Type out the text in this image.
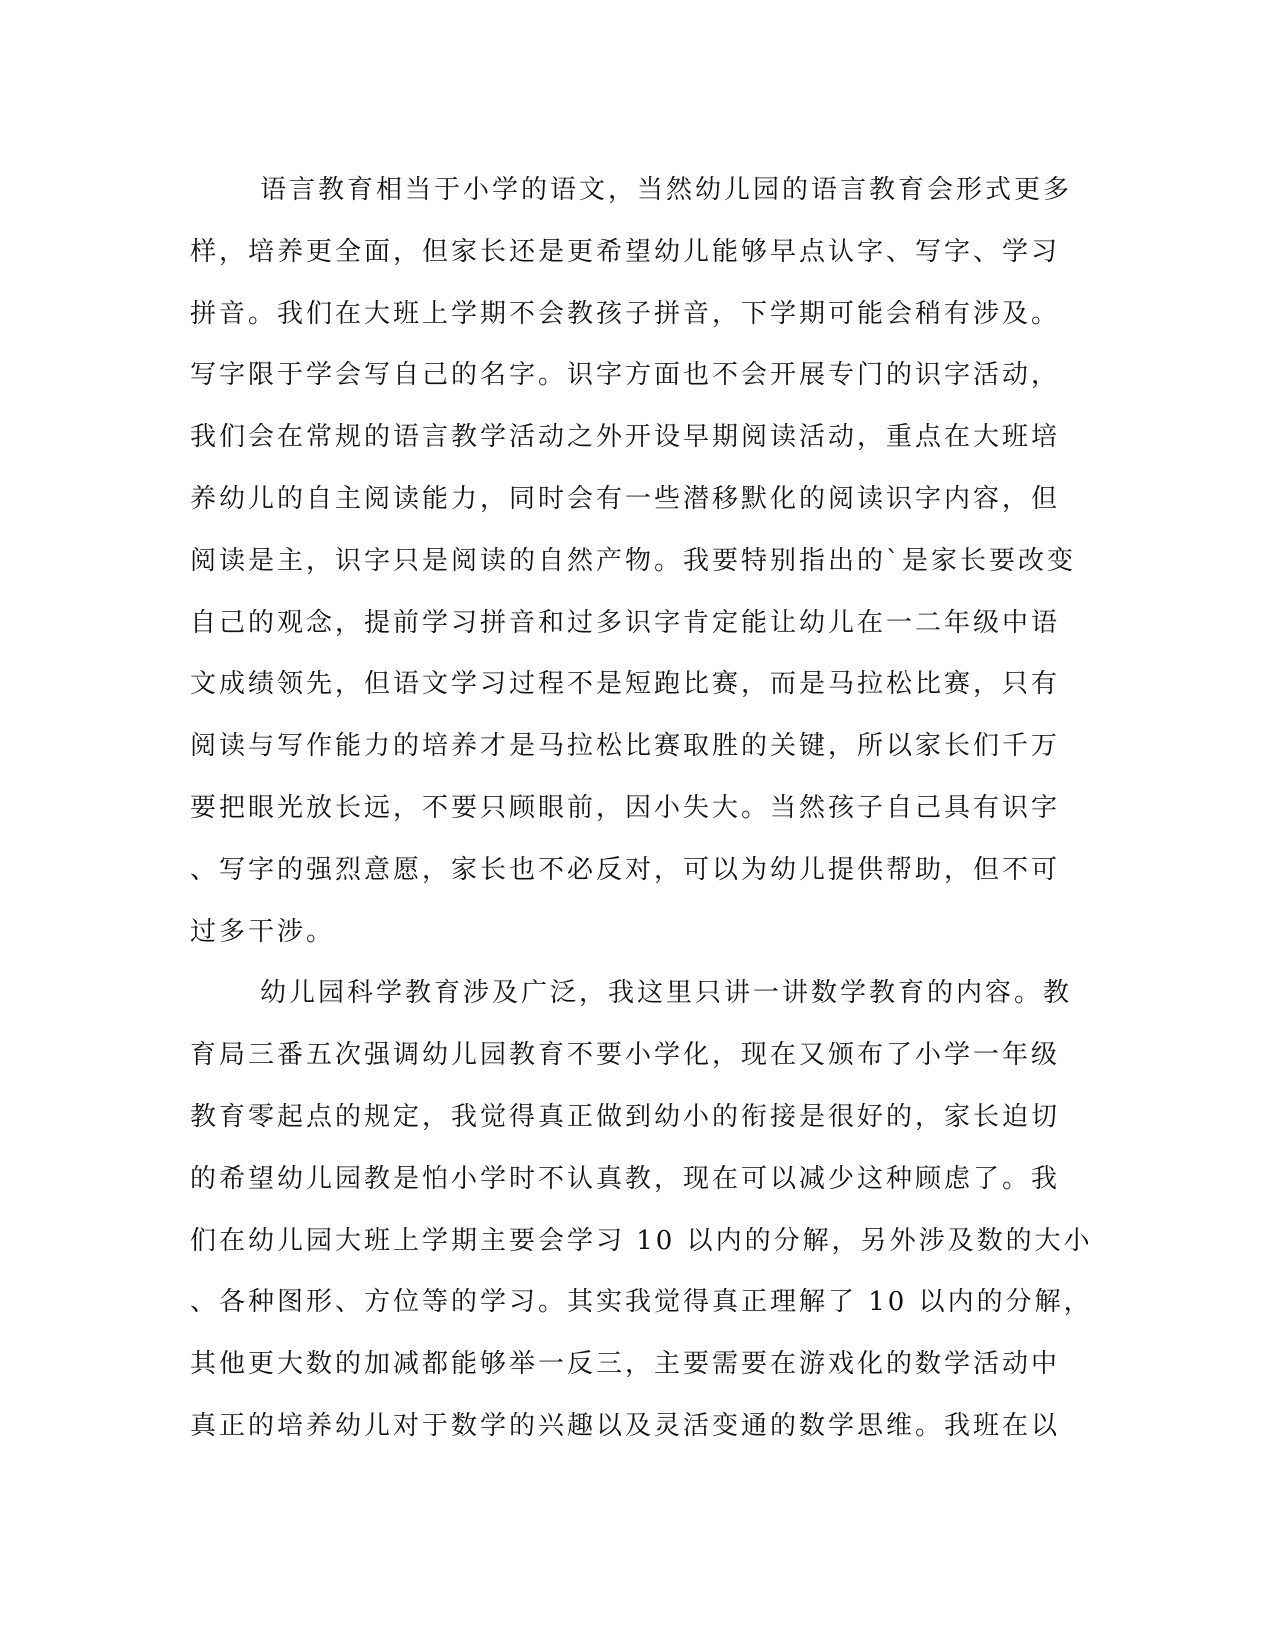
语言教育相当于小学的语文，当然幼儿园的语言教育会形式更多
样，培养更全面，但家长还是更希望幼儿能够早点认字、写字、学习
拼音。我们在大班上学期不会教孩子拼音，下学期可能会稍有涉及。
写字限于学会写自己的名字。识字方面也不会开展专门的识字活动，
我们会在常规的语言教学活动之外开设早期阅读活动，重点在大班培
养幼儿的自主阅读能力，同时会有一些潜移默化的阅读识字内容，但
阅读是主，识字只是阅读的自然产物。我要特别指出的`是家长要改变
自己的观念，提前学习拼音和过多识字肯定能让幼儿在一二年级中语
文成绩领先，但语文学习过程不是短跑比赛，而是马拉松比赛，只有
阅读与写作能力的培养才是马拉松比赛取胜的关键，所以家长们千万
要把眼光放长远，不要只顾眼前，因小失大。当然孩子自己具有识字
、写字的强烈意愿，家长也不必反对，可以为幼儿提供帮助，但不可
过多干涉。
幼儿园科学教育涉及广泛，我这里只讲一讲数学教育的内容。教
育局三番五次强调幼儿园教育不要小学化，现在又颁布了小学一年级
教育零起点的规定，我觉得真正做到幼小的衔接是很好的，家长迫切
的希望幼儿园教是怕小学时不认真教，现在可以减少这种顾虑了。我
们在幼儿园大班上学期主要会学习 10 以内的分解，另外涉及数的大小
、各种图形、方位等的学习。其实我觉得真正理解了 10 以内的分解，
其他更大数的加减都能够举一反三，主要需要在游戏化的数学活动中
真正的培养幼儿对于数学的兴趣以及灵活变通的数学思维。我班在以
